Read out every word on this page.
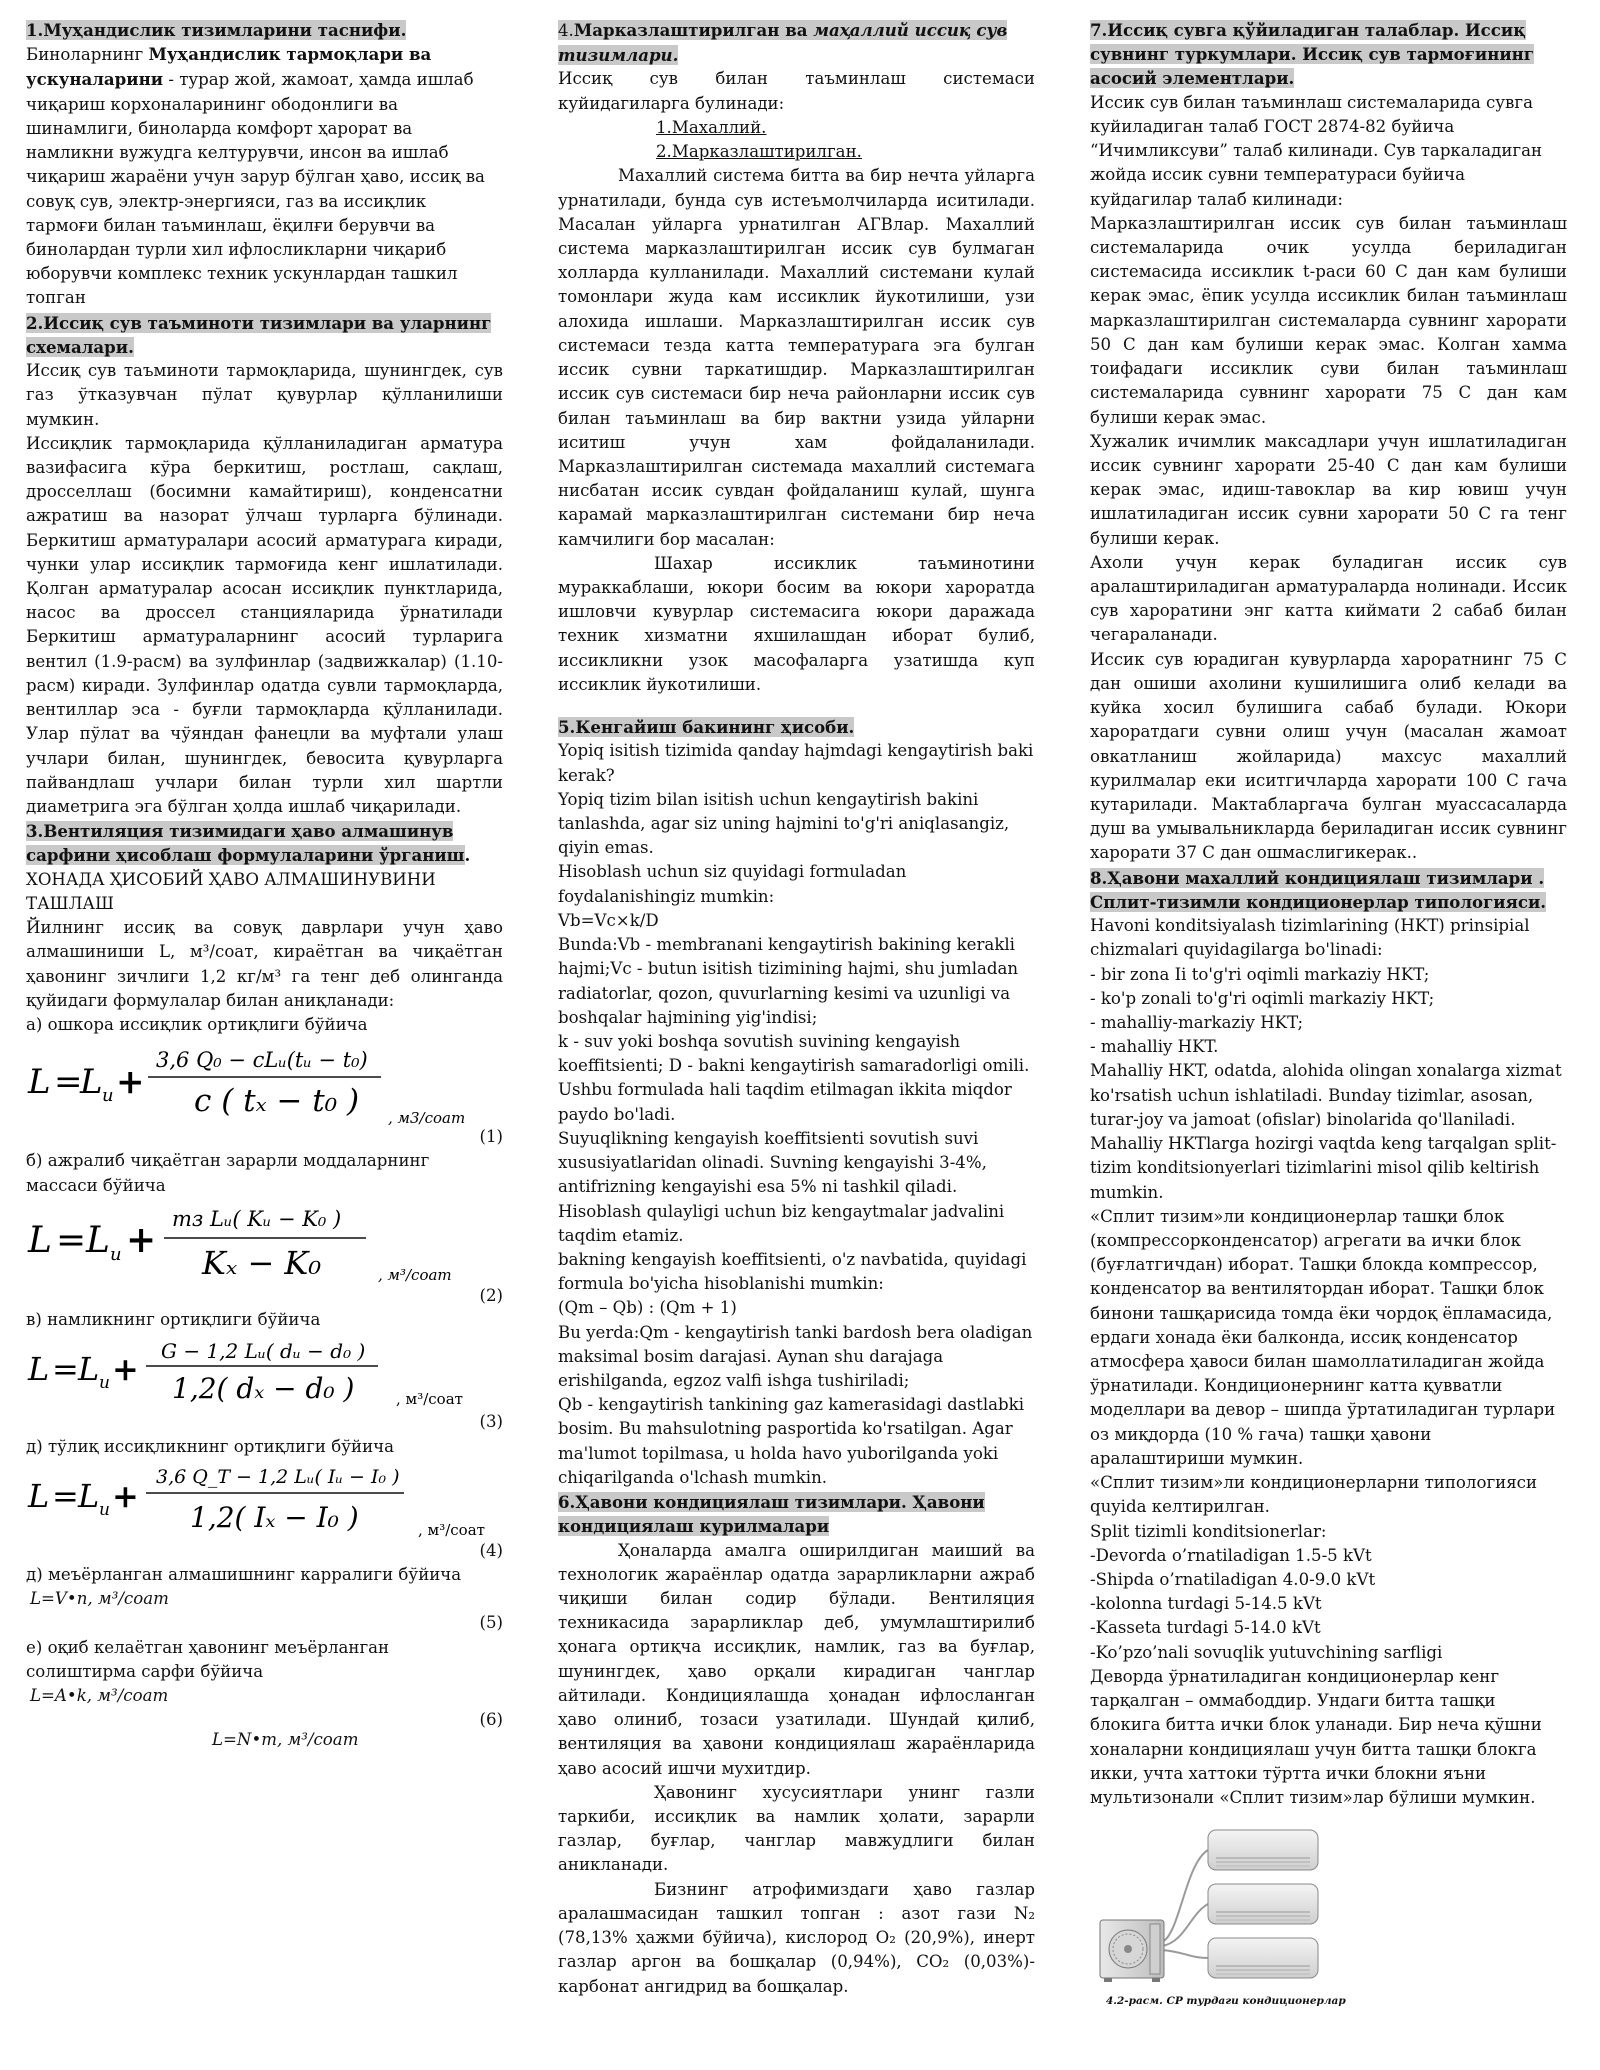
1.Муҳандислик тизимларини таснифи.

Биноларнинг Муҳандислик тармоқлари ва ускуналарини - турар жой, жамоат, ҳамда ишлаб чиқариш корхоналарининг ободонлиги ва шинамлиги, биноларда комфорт ҳарорат ва намликни вужудга келтурувчи, инсон ва ишлаб чиқариш жараёни учун зарур бўлган ҳаво, иссиқ ва совуқ сув, электр-энергияси, газ ва иссиқлик тармоғи билан таъминлаш, ёқилғи берувчи ва бинолардан турли хил ифлосликларни чиқариб юборувчи комплекс техник ускунлардан ташкил топган

2.Иссиқ сув таъминоти тизимлари ва уларнинг схемалари.

Иссиқ сув таъминоти тармоқларида, шунингдек, сув газ ўтказувчан пўлат қувурлар қўлланилиши мумкин.

Иссиқлик тармоқларида қўлланиладиган арматура вазифасига кўра беркитиш, ростлаш, сақлаш, дросселлаш (босимни камайтириш), конденсатни ажратиш ва назорат ўлчаш турларга бўлинади. Беркитиш арматуралари асосий арматурага киради, чунки улар иссиқлик тармоғида кенг ишлатилади. Қолган арматуралар асосан иссиқлик пунктларида, насос ва дроссел станцияларида ўрнатилади Беркитиш арматураларнинг асосий турларига вентил (1.9-расм) ва зулфинлар (задвижкалар) (1.10-расм) киради. Зулфинлар одатда сувли тармоқларда, вентиллар эса - буғли тармоқларда қўлланилади. Улар пўлат ва чўяндан фанецли ва муфтали улаш учлари билан, шунингдек, бевосита қувурларга пайвандлаш учлари билан турли хил шартли диаметрига эга бўлган ҳолда ишлаб чиқарилади.

3.Вентиляция тизимидаги ҳаво алмашинув сарфини ҳисоблаш формулаларини ўрганиш.

ХОНАДА ҲИСОБИЙ ҲАВО АЛМАШИНУВИНИ ТАШЛАШ

Йилнинг иссиқ ва совуқ даврлари учун ҳаво алмашиниши L, м³/соат, кираётган ва чиқаётган ҳавонинг зичлиги 1,2 кг/м³ га тенг деб олинганда қуйидаги формулалар билан аниқланади:

а) ошкора иссиқлик ортиқлиги бўйича

L =
L u +
3,6 Q₀ − cLᵤ(tᵤ − t₀)
c ( tₓ − t₀ ) , м3/соат

(1)

б) ажралиб чиқаётган зарарли моддаларнинг массаси бўйича

L = L u + mз Lᵤ( Kᵤ − K₀ )
Kₓ − K₀	, м³/соат

(2)

в) намликнинг ортиқлиги бўйича

L = L u + G − 1,2 Lᵤ( dᵤ − d₀ )
1,2( dₓ − d₀ )	, м³/соат

(3)

д) тўлиқ иссиқликнинг ортиқлиги бўйича

L = L u + 3,6 Q_T − 1,2 Lᵤ( Iᵤ − I₀ )
1,2( Iₓ − I₀ )	, м³/соат

(4)

д) меъёрланган алмашишнинг карралиги бўйича

L=V•n, м³/соат

(5)

е) оқиб келаётган ҳавонинг меъёрланган солиштирма сарфи бўйича

L=A•k, м³/соат

(6)

L=N•m, м³/соат

4.Марказлаштирилган ва маҳаллий иссиқ сув тизимлари.

Иссиқ сув билан таъминлаш системаси куйидагиларга булинади:

1.Махаллий.

2.Марказлаштирилган.

Махаллий система битта ва бир нечта уйларга урнатилади, бунда сув истеъмолчиларда иситилади. Масалан уйларга урнатилган АГВлар. Махаллий система марказлаштирилган иссик сув булмаган холларда кулланилади. Махаллий системани кулай томонлари жуда кам иссиклик йукотилиши, узи алохида ишлаши. Марказлаштирилган иссик сув системаси тезда катта температурага эга булган иссик сувни таркатишдир. Марказлаштирилган иссик сув системаси бир неча районларни иссик сув билан таъминлаш ва бир вактни узида уйларни иситиш учун хам фойдаланилади. Марказлаштирилган системада махаллий системага нисбатан иссик сувдан фойдаланиш кулай, шунга карамай марказлаштирилган системани бир неча камчилиги бор масалан:

Шахар иссиклик таъминотини мураккаблаши, юкори босим ва юкори хароратда ишловчи кувурлар системасига юкори даражада техник хизматни яхшилашдан иборат булиб, иссикликни узок масофаларга узатишда куп иссиклик йукотилиши.

5.Кенгайиш бакининг ҳисоби.

Yopiq isitish tizimida qanday hajmdagi kengaytirish baki kerak?

Yopiq tizim bilan isitish uchun kengaytirish bakini tanlashda, agar siz uning hajmini to'g'ri aniqlasangiz, qiyin emas.

Hisoblash uchun siz quyidagi formuladan foydalanishingiz mumkin:

Vb=Vc×k/D

Bunda:Vb - membranani kengaytirish bakining kerakli hajmi;Vc - butun isitish tizimining hajmi, shu jumladan radiatorlar, qozon, quvurlarning kesimi va uzunligi va boshqalar hajmining yig'indisi;

k - suv yoki boshqa sovutish suvining kengayish koeffitsienti; D - bakni kengaytirish samaradorligi omili.

Ushbu formulada hali taqdim etilmagan ikkita miqdor paydo bo'ladi.

Suyuqlikning kengayish koeffitsienti sovutish suvi xususiyatlaridan olinadi. Suvning kengayishi 3-4%, antifrizning kengayishi esa 5% ni tashkil qiladi. Hisoblash qulayligi uchun biz kengaytmalar jadvalini taqdim etamiz.

bakning kengayish koeffitsienti, o'z navbatida, quyidagi formula bo'yicha hisoblanishi mumkin:

(Qm – Qb) : (Qm + 1)

Bu yerda:Qm - kengaytirish tanki bardosh bera oladigan maksimal bosim darajasi. Aynan shu darajaga erishilganda, egzoz valfi ishga tushiriladi;

Qb - kengaytirish tankining gaz kamerasidagi dastlabki bosim. Bu mahsulotning pasportida ko'rsatilgan. Agar ma'lumot topilmasa, u holda havo yuborilganda yoki chiqarilganda o'lchash mumkin.

6.Ҳавони кондициялаш тизимлари. Ҳавони кондициялаш курилмалари

Ҳоналарда амалга оширилдиган маиший ва технологик жараёнлар одатда зарарликларни ажраб чиқиши билан содир бўлади. Вентиляция техникасида зарарликлар деб, умумлаштирилиб ҳонага ортиқча иссиқлик, намлик, газ ва буғлар, шунингдек, ҳаво орқали кирадиган чанглар айтилади. Кондициялашда ҳонадан ифлосланган ҳаво олиниб, тозаси узатилади. Шундай қилиб, вентиляция ва ҳавони кондициялаш жараёнларида ҳаво асосий ишчи мухитдир.

Ҳавонинг хусусиятлари унинг газли таркиби, иссиқлик ва намлик ҳолати, зарарли газлар, буғлар, чанглар мавжудлиги билан аникланади.

Бизнинг атрофимиздаги ҳаво газлар аралашмасидан ташкил топган : азот гази N₂ (78,13% ҳажми бўйича), кислород O₂ (20,9%), инерт газлар аргон ва бошқалар (0,94%), CO₂ (0,03%)-карбонат ангидрид ва бошқалар.

7.Иссиқ сувга қўйиладиган талаблар. Иссиқ сувнинг туркумлари. Иссиқ сув тармоғининг асосий элементлари.

Иссик сув билан таъминлаш системаларида сувга куйиладиган талаб ГОСТ 2874-82 буйича “Ичимликсуви” талаб килинади. Сув таркаладиган жойда иссик сувни температураси буйича куйдагилар талаб килинади:

Марказлаштирилган иссик сув билан таъминлаш системаларида очик усулда бериладиган системасида иссиклик t-раси 60 С дан кам булиши керак эмас, ёпик усулда иссиклик билан таъминлаш марказлаштирилган системаларда сувнинг харорати 50 С дан кам булиши керак эмас. Колган хамма тоифадаги иссиклик суви билан таъминлаш системаларида сувнинг харорати 75 С дан кам булиши керак эмас.

Хужалик ичимлик максадлари учун ишлатиладиган иссик сувнинг харорати 25-40 С дан кам булиши керак эмас, идиш-тавоклар ва кир ювиш учун ишлатиладиган иссик сувни харорати 50 С га тенг булиши керак.

Ахоли учун керак буладиган иссик сув аралаштириладиган арматураларда нолинади. Иссик сув хароратини энг катта киймати 2 сабаб билан чегараланади.

Иссик сув юрадиган кувурларда хароратнинг 75 С дан ошиши ахолини кушилишига олиб келади ва куйка хосил булишига сабаб булади. Юкори хароратдаги сувни олиш учун (масалан жамоат овкатланиш жойларида) махсус махаллий курилмалар еки иситгичларда харорати 100 С гача кутарилади. Мактабларгача булган муассасаларда душ ва умывальникларда бериладиган иссик сувнинг харорати 37 С дан ошмаслигикерак..

8.Ҳавони махаллий кондициялаш тизимлари . Сплит-тизимли кондиционерлар типологияси.

Havoni konditsiyalash tizimlarining (HKT) prinsipial chizmalari quyidagilarga bo'linadi:

- bir zona Ii to'g'ri oqimli markaziy HKT;

- ko'p zonali to'g'ri oqimli markaziy HKT;

- mahalliy-markaziy HKT;

- mahalliy HKT.

Mahalliy HKT, odatda, alohida olingan xonalarga xizmat ko'rsatish uchun ishlatiladi. Bunday tizimlar, asosan, turar-joy va jamoat (ofislar) binolarida qo'llaniladi. Mahalliy HKTlarga hozirgi vaqtda keng tarqalgan split-tizim konditsionyerlari tizimlarini misol qilib keltirish mumkin.

«Сплит тизим»ли кондиционерлар ташқи блок (компрессорконденсатор) агрегати ва ички блок (буғлатгичдан) иборат. Ташқи блокда компрессор, конденсатор ва вентилятордан иборат. Ташқи блок бинони ташқарисида томда ёки чордоқ ёпламасида, ердаги хонада ёки балконда, иссиқ конденсатор атмосфера ҳавоси билан шамоллатиладиган жойда ўрнатилади. Кондиционернинг катта қувватли моделлари ва девор – шипда ўртатиладиган турлари оз миқдорда (10 % гача) ташқи ҳавони аралаштириши мумкин.

«Сплит тизим»ли кондиционерларни типологияси quyida келтирилган.

Split tizimli konditsionerlar:

-Devorda o’rnatiladigan 1.5-5 kVt

-Shipda o’rnatiladigan 4.0-9.0 kVt

-kolonna turdagi 5-14.5 kVt

-Kasseta turdagi 5-14.0 kVt

-Ko’pzo’nali sovuqlik yutuvchining sarfligi

Деворда ўрнатиладиган кондиционерлар кенг тарқалган – оммабоддир. Ундаги битта ташқи блокига битта ички блок уланади. Бир неча қўшни хоналарни кондициялаш учун битта ташқи блокга икки, учта хаттоки тўртта ички блокни яъни мультизонали «Сплит тизим»лар бўлиши мумкин.

4.2-расм. СР турдаги кондиционерлар
